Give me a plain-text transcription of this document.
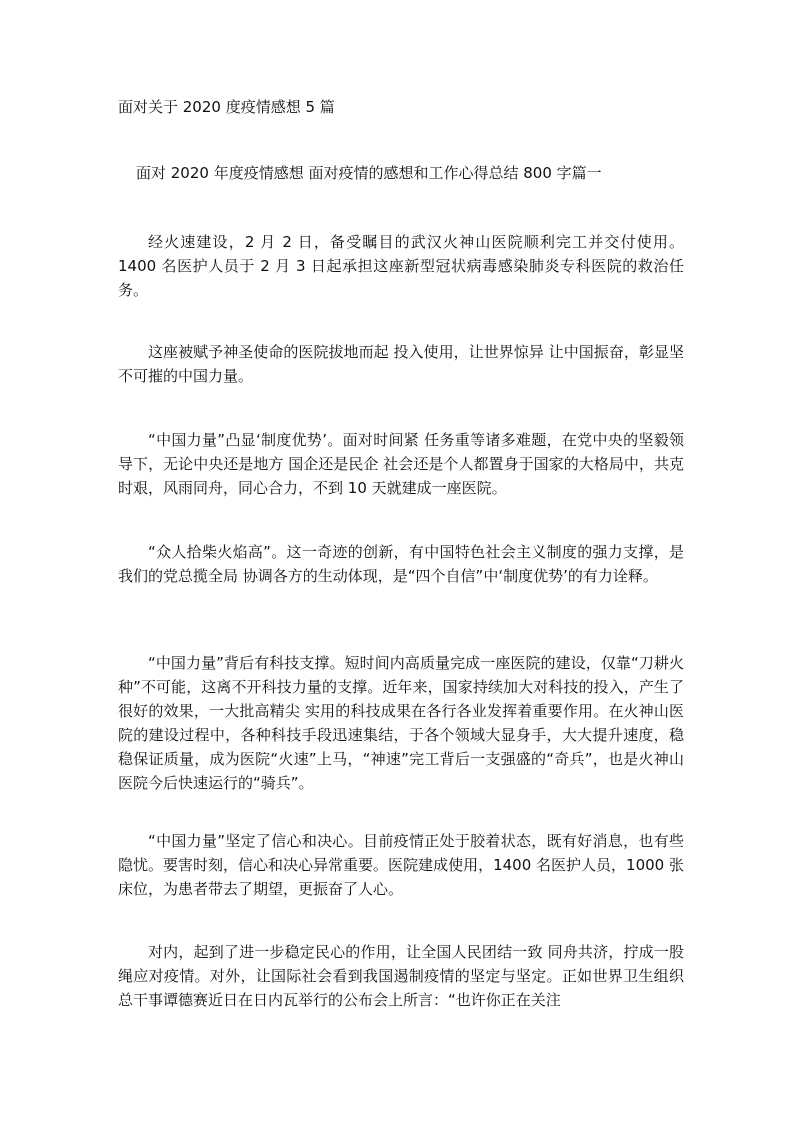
面对关于 2020 度疫情感想 5 篇
面对 2020 年度疫情感想 面对疫情的感想和工作心得总结 800 字篇一

经火速建设，2 月 2 日，备受瞩目的武汉火神山医院顺利完工并交付使用。1400 名医护人员于 2 月 3 日起承担这座新型冠状病毒感染肺炎专科医院的救治任务。

这座被赋予神圣使命的医院拔地而起 投入使用，让世界惊异 让中国振奋，彰显坚不可摧的中国力量。

“中国力量”凸显‘制度优势’。面对时间紧 任务重等诸多难题，在党中央的坚毅领导下，无论中央还是地方 国企还是民企 社会还是个人都置身于国家的大格局中，共克时艰，风雨同舟，同心合力，不到 10 天就建成一座医院。

“众人拾柴火焰高”。这一奇迹的创新，有中国特色社会主义制度的强力支撑，是我们的党总揽全局 协调各方的生动体现，是“四个自信”中‘制度优势’的有力诠释。

“中国力量”背后有科技支撑。短时间内高质量完成一座医院的建设，仅靠“刀耕火种”不可能，这离不开科技力量的支撑。近年来，国家持续加大对科技的投入，产生了很好的效果，一大批高精尖 实用的科技成果在各行各业发挥着重要作用。在火神山医院的建设过程中，各种科技手段迅速集结，于各个领域大显身手，大大提升速度，稳稳保证质量，成为医院“火速”上马，“神速”完工背后一支强盛的“奇兵”，也是火神山医院今后快速运行的“骑兵”。

“中国力量”坚定了信心和决心。目前疫情正处于胶着状态，既有好消息，也有些隐忧。要害时刻，信心和决心异常重要。医院建成使用，1400 名医护人员，1000 张床位，为患者带去了期望，更振奋了人心。

对内，起到了进一步稳定民心的作用，让全国人民团结一致 同舟共济，拧成一股绳应对疫情。对外，让国际社会看到我国遏制疫情的坚定与坚定。正如世界卫生组织总干事谭德赛近日在日内瓦举行的公布会上所言：“也许你正在关注
